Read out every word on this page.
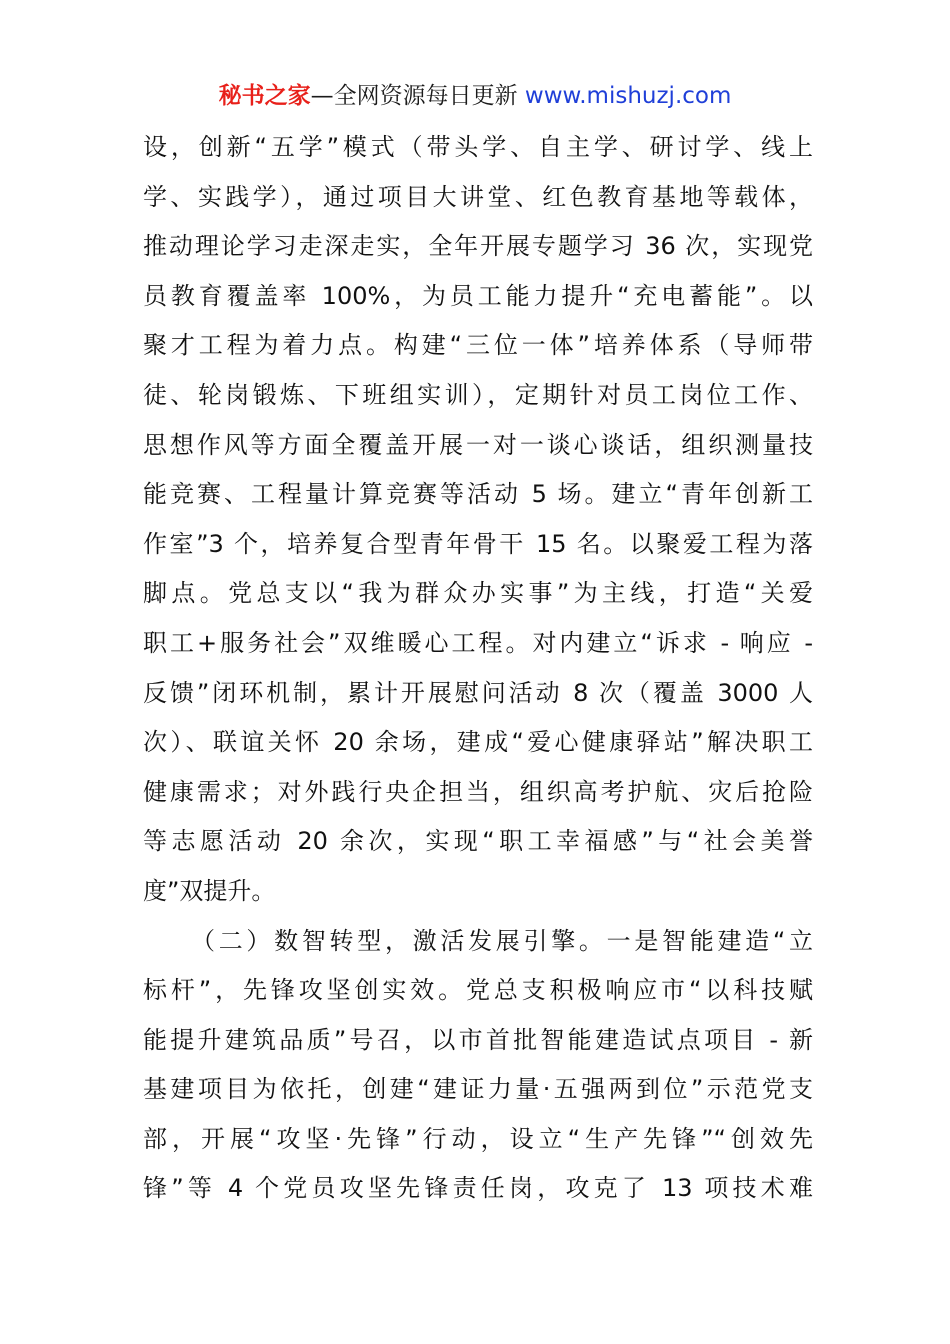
秘书之家—全网资源每日更新 www.mishuzj.com
设，创新“五学”模式（带头学、自主学、研讨学、线上
学、实践学），通过项目大讲堂、红色教育基地等载体，
推动理论学习走深走实，全年开展专题学习 36 次，实现党
员教育覆盖率 100%，为员工能力提升“充电蓄能”。以
聚才工程为着力点。构建“三位一体”培养体系（导师带
徒、轮岗锻炼、下班组实训），定期针对员工岗位工作、
思想作风等方面全覆盖开展一对一谈心谈话，组织测量技
能竞赛、工程量计算竞赛等活动 5 场。建立“青年创新工
作室”3 个，培养复合型青年骨干 15 名。以聚爱工程为落
脚点。党总支以“我为群众办实事”为主线，打造“关爱
职工+服务社会”双维暖心工程。对内建立“诉求 - 响应 -
反馈”闭环机制，累计开展慰问活动 8 次（覆盖 3000 人
次）、联谊关怀 20 余场，建成“爱心健康驿站”解决职工
健康需求；对外践行央企担当，组织高考护航、灾后抢险
等志愿活动 20 余次，实现“职工幸福感”与“社会美誉
度”双提升。
（二）数智转型，激活发展引擎。一是智能建造“立
标杆”，先锋攻坚创实效。党总支积极响应市“以科技赋
能提升建筑品质”号召，以市首批智能建造试点项目 - 新
基建项目为依托，创建“建证力量·五强两到位”示范党支
部，开展“攻坚·先锋”行动，设立“生产先锋”“创效先
锋”等 4 个党员攻坚先锋责任岗，攻克了 13 项技术难
